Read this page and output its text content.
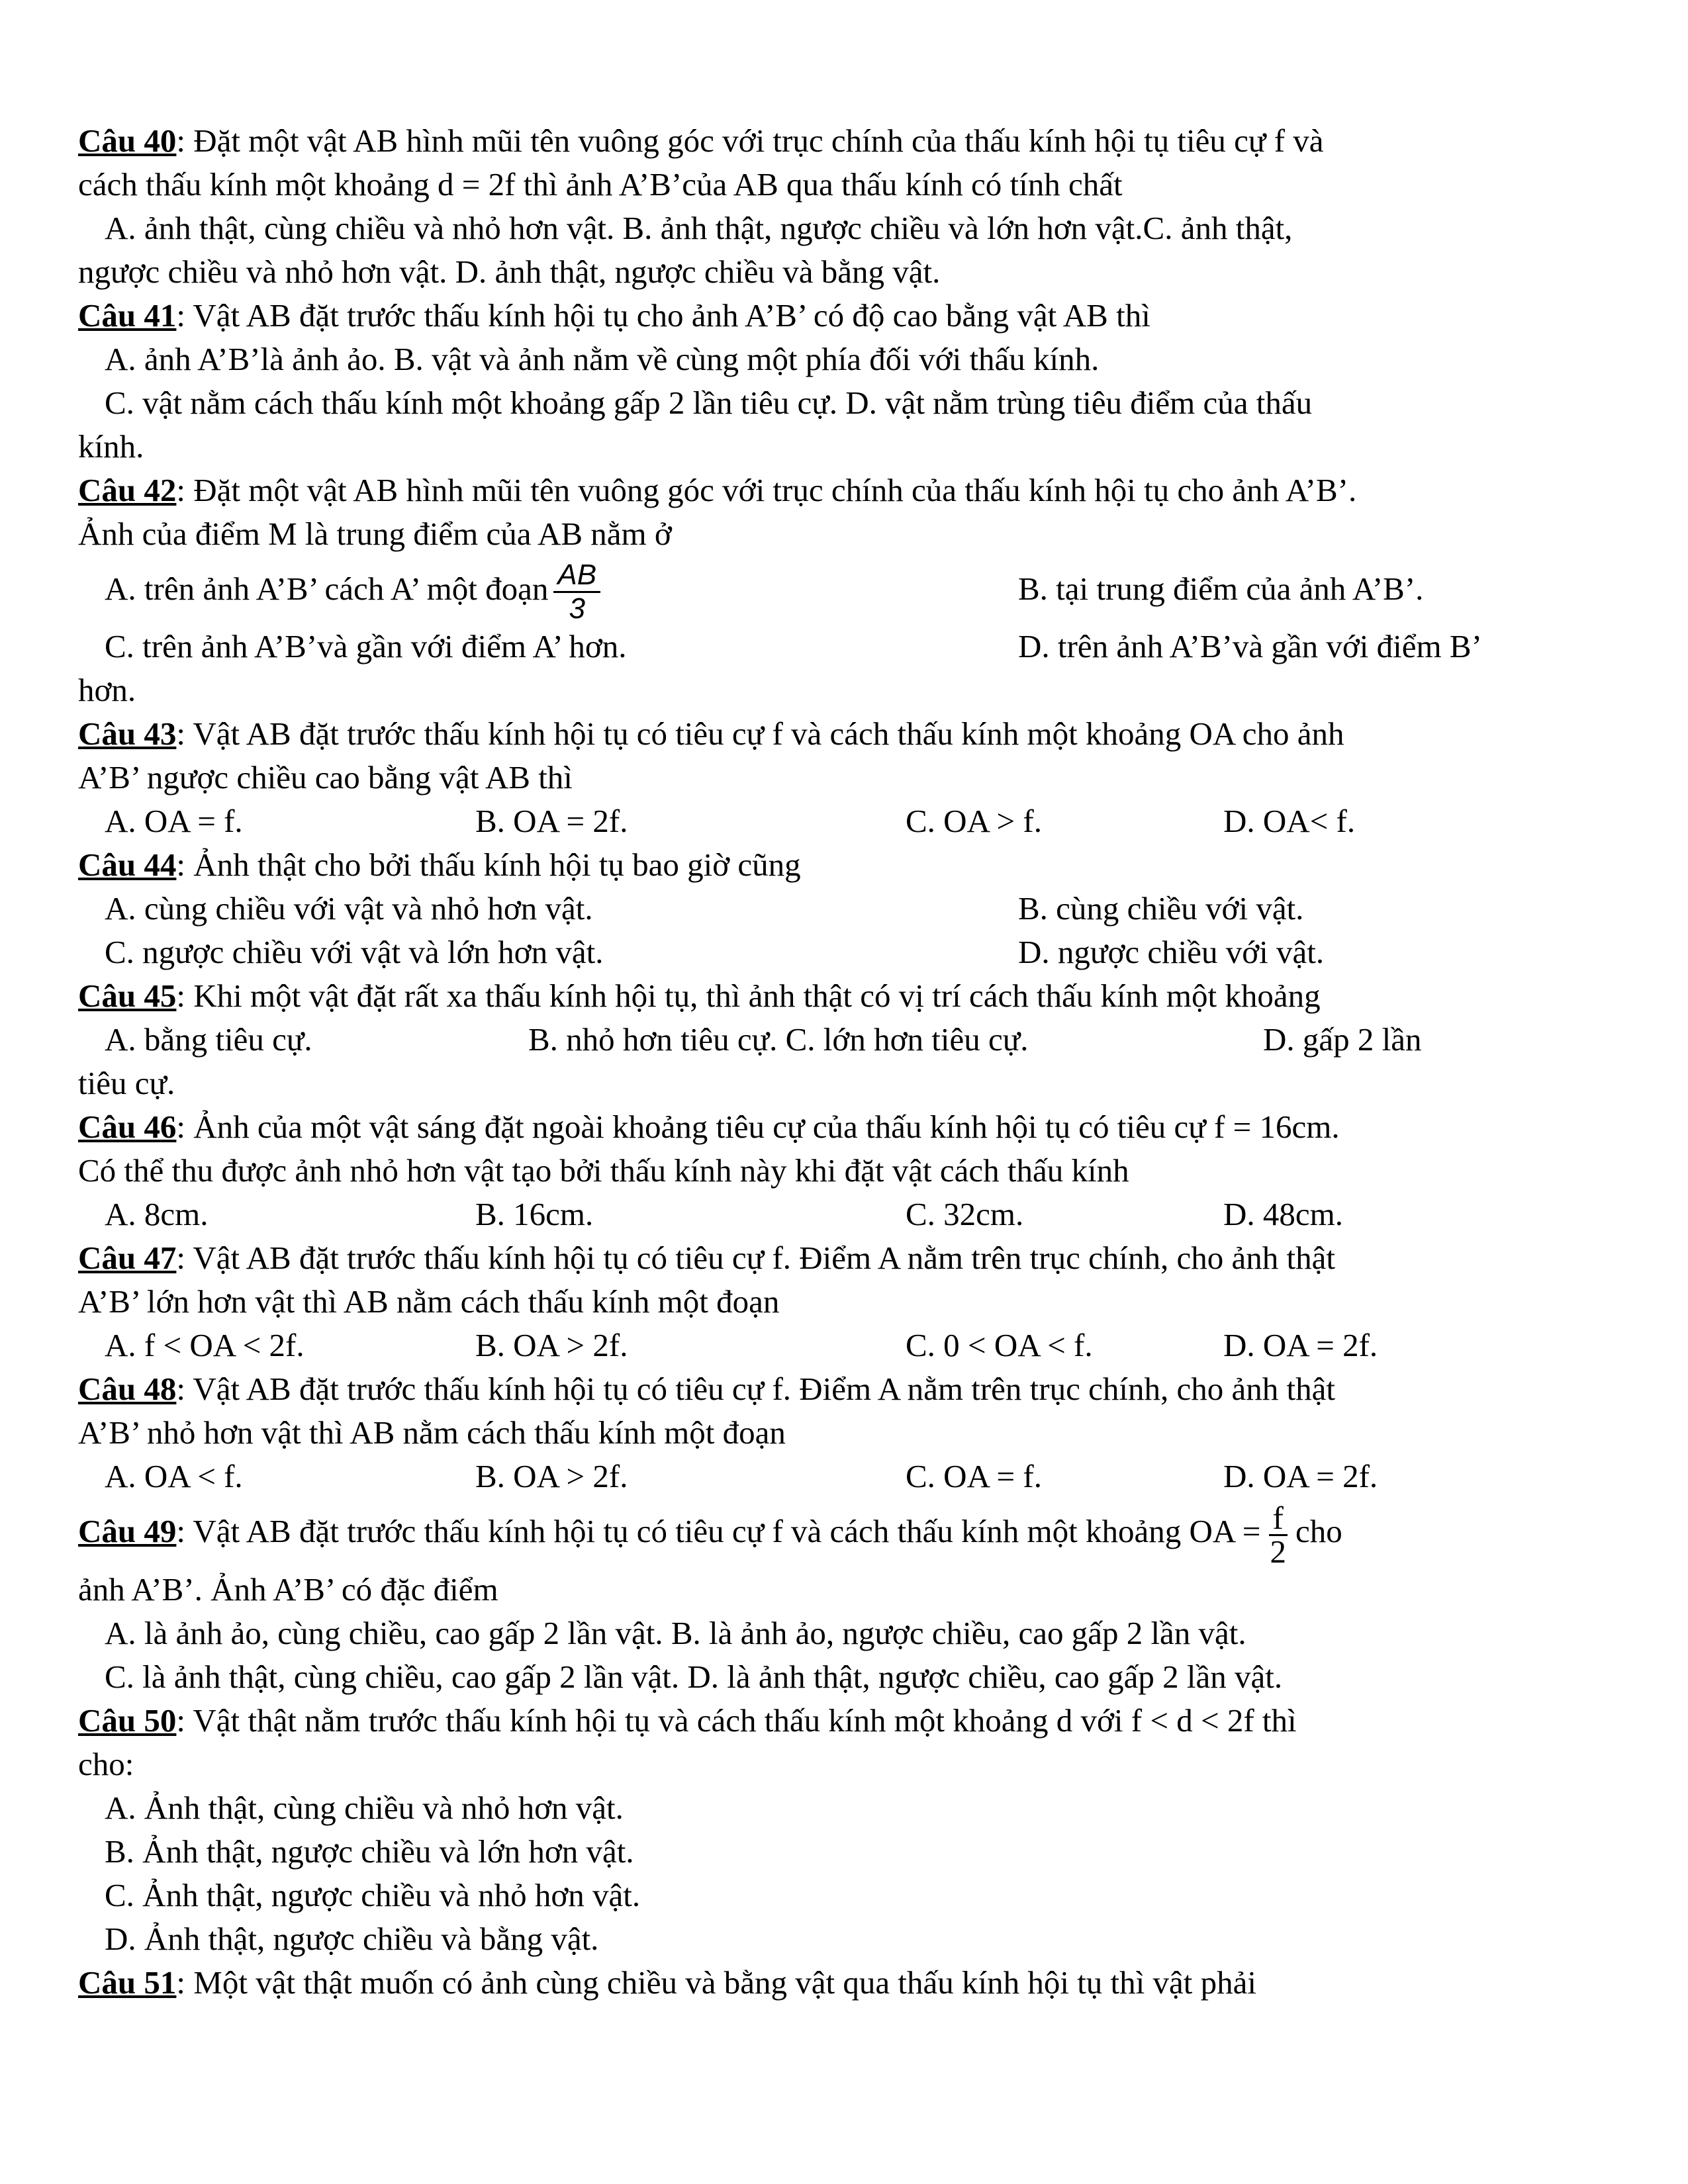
Câu 40: Đặt một vật AB hình mũi tên vuông góc với trục chính của thấu kính hội tụ tiêu cự f và
cách thấu kính một khoảng d = 2f thì ảnh A’B’của AB qua thấu kính có tính chất
A. ảnh thật, cùng chiều và nhỏ hơn vật. B. ảnh thật, ngược chiều và lớn hơn vật.C. ảnh thật,
ngược chiều và nhỏ hơn vật. D. ảnh thật, ngược chiều và bằng vật.
Câu 41: Vật AB đặt trước thấu kính hội tụ cho ảnh A’B’ có độ cao bằng vật AB thì
A. ảnh A’B’là ảnh ảo. B. vật và ảnh nằm về cùng một phía đối với thấu kính.
C. vật nằm cách thấu kính một khoảng gấp 2 lần tiêu cự. D. vật nằm trùng tiêu điểm của thấu
kính.
Câu 42: Đặt một vật AB hình mũi tên vuông góc với trục chính của thấu kính hội tụ cho ảnh A’B’.
Ảnh của điểm M là trung điểm của AB nằm ở
A. trên ảnh A’B’ cách A’ một đoạn $\frac{AB}{3}$	B. tại trung điểm của ảnh A’B’.
C. trên ảnh A’B’và gần với điểm A’ hơn.	D. trên ảnh A’B’và gần với điểm B’
hơn.
Câu 43: Vật AB đặt trước thấu kính hội tụ có tiêu cự f và cách thấu kính một khoảng OA cho ảnh
A’B’ ngược chiều cao bằng vật AB thì
A. OA = f.	B. OA = 2f.	C. OA > f.	D. OA< f.
Câu 44: Ảnh thật cho bởi thấu kính hội tụ bao giờ cũng
A. cùng chiều với vật và nhỏ hơn vật.	B. cùng chiều với vật.
C. ngược chiều với vật và lớn hơn vật.	D. ngược chiều với vật.
Câu 45: Khi một vật đặt rất xa thấu kính hội tụ, thì ảnh thật có vị trí cách thấu kính một khoảng
A. bằng tiêu cự.	B. nhỏ hơn tiêu cự. C. lớn hơn tiêu cự.	D. gấp 2 lần
tiêu cự.
Câu 46: Ảnh của một vật sáng đặt ngoài khoảng tiêu cự của thấu kính hội tụ có tiêu cự f = 16cm.
Có thể thu được ảnh nhỏ hơn vật tạo bởi thấu kính này khi đặt vật cách thấu kính
A. 8cm.	B. 16cm.	C. 32cm.	D. 48cm.
Câu 47: Vật AB đặt trước thấu kính hội tụ có tiêu cự f. Điểm A nằm trên trục chính, cho ảnh thật
A’B’ lớn hơn vật thì AB nằm cách thấu kính một đoạn
A. f < OA < 2f.	B. OA > 2f.	C. 0 < OA < f.	D. OA = 2f.
Câu 48: Vật AB đặt trước thấu kính hội tụ có tiêu cự f. Điểm A nằm trên trục chính, cho ảnh thật
A’B’ nhỏ hơn vật thì AB nằm cách thấu kính một đoạn
A. OA < f.	B. OA > 2f.	C. OA = f.	D. OA = 2f.
Câu 49: Vật AB đặt trước thấu kính hội tụ có tiêu cự f và cách thấu kính một khoảng OA = $\frac{f}{2}$ cho
ảnh A’B’. Ảnh A’B’ có đặc điểm
A. là ảnh ảo, cùng chiều, cao gấp 2 lần vật. B. là ảnh ảo, ngược chiều, cao gấp 2 lần vật.
C. là ảnh thật, cùng chiều, cao gấp 2 lần vật. D. là ảnh thật, ngược chiều, cao gấp 2 lần vật.
Câu 50: Vật thật nằm trước thấu kính hội tụ và cách thấu kính một khoảng d với f < d < 2f thì
cho:
A. Ảnh thật, cùng chiều và nhỏ hơn vật.
B. Ảnh thật, ngược chiều và lớn hơn vật.
C. Ảnh thật, ngược chiều và nhỏ hơn vật.
D. Ảnh thật, ngược chiều và bằng vật.
Câu 51: Một vật thật muốn có ảnh cùng chiều và bằng vật qua thấu kính hội tụ thì vật phải
